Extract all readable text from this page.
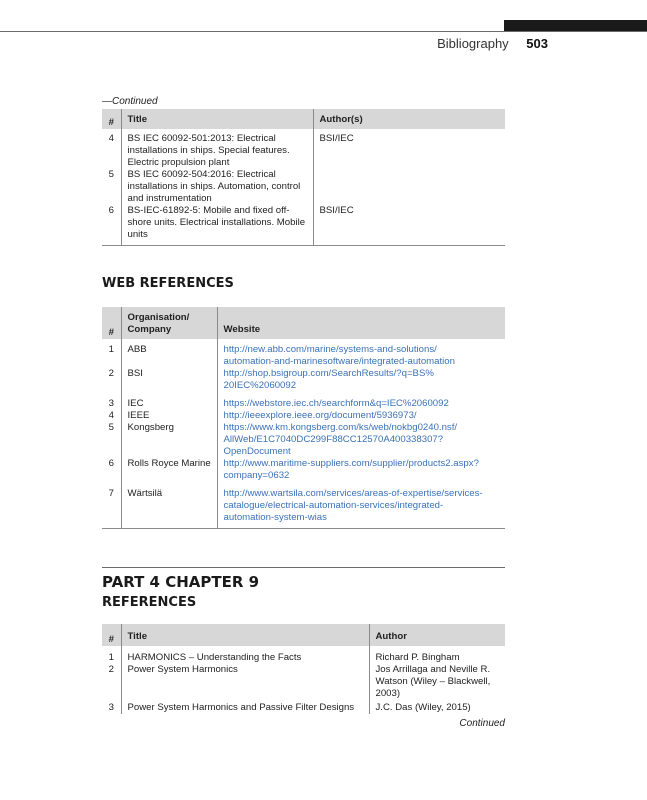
Bibliography 503
—Continued
#	Title	Author(s)
4	BS IEC 60092-501:2013: Electrical
installations in ships. Special features.
Electric propulsion plant	BSI/IEC
5	BS IEC 60092-504:2016: Electrical
installations in ships. Automation, control
and instrumentation	
6	BS-IEC-61892-5: Mobile and fixed off-
shore units. Electrical installations. Mobile
units	BSI/IEC
WEB REFERENCES
#	Organisation/
Company	Website
1	ABB	http://new.abb.com/marine/systems-and-solutions/
automation-and-marinesoftware/integrated-automation
2	BSI	http://shop.bsigroup.com/SearchResults/?q=BS%
20IEC%2060092
3	IEC	https://webstore.iec.ch/searchform&q=IEC%2060092
4	IEEE	http://ieeexplore.ieee.org/document/5936973/
5	Kongsberg	https://www.km.kongsberg.com/ks/web/nokbg0240.nsf/
AllWeb/E1C7040DC299F88CC12570A400338307?
OpenDocument
6	Rolls Royce Marine	http://www.maritime-suppliers.com/supplier/products2.aspx?
company=0632
7	Wärtsilä	http://www.wartsila.com/services/areas-of-expertise/services-
catalogue/electrical-automation-services/integrated-
automation-system-wias
PART 4 CHAPTER 9
REFERENCES
#	Title	Author
1	HARMONICS – Understanding the Facts	Richard P. Bingham
2	Power System Harmonics	Jos Arrillaga and Neville R.
Watson (Wiley – Blackwell,
2003)
3	Power System Harmonics and Passive Filter Designs	J.C. Das (Wiley, 2015)
Continued
